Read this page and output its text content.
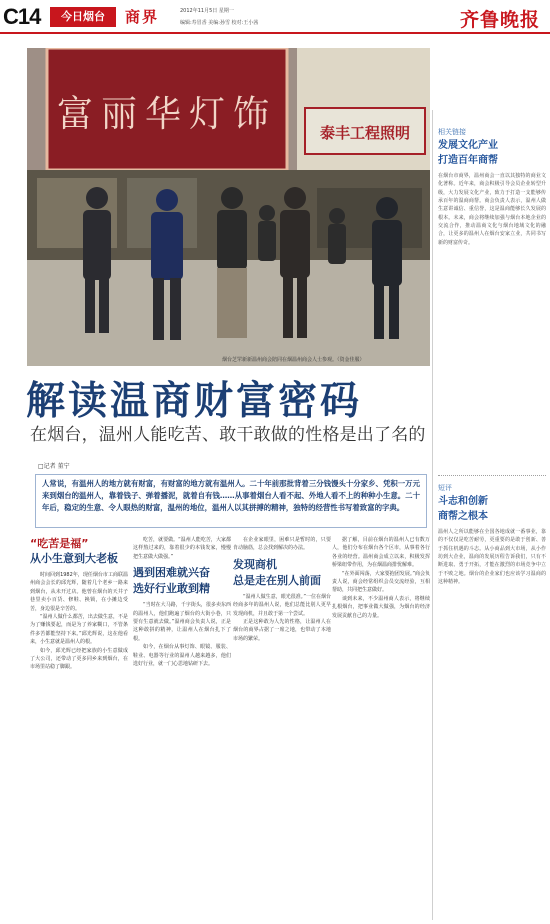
C14	今日烟台	商界	2012年11月5日 星期一
编辑:寿冒香 美编:孙雪 校对:王小茜	齐鲁晚报
富丽华灯饰	泰丰工程照明
烟台芝罘新新温州商会陪同在烟温州商会人士参观。（资金佳服）
解读温商财富密码
在烟台，温州人能吃苦、敢干敢做的性格是出了名的
□记者 董宁
人常说，有温州人的地方就有财富，有财富的地方就有温州人。二十年前那批背着三分钱馒头十分家乡、凭积一万元 来到烟台的温州人，靠着钱子、弹着播泥，就着自有钱……从事着烟台人看不起、外地人看不上的种种小生意。二十年后，稳定的生意、令人眼热的财富，温州的地位，温州人以其拼搏的精神，独特的经营性书写着致富的字典。
“吃苦是福”
从小生意到大老板

时间回到1982年，现任烟台市工商联温州商会会长的邱光辉，随着几个老乡一路来到烟台，从未开过店。他曾在烟台的天井子巷里卖小百货、修鞋、换锁，在小摊边受苦，身边很是辛苦的。

“温州人做什么都苦，出去做生意，不是为了赚钱要起，而是为了养家糊口，不管条件多苦都能坚持下来。”邱光辉说，这在他看来，小生意就是温州人的根。

如今，邱光辉已经把家族的小生意做成了大公司，还带动了更多同乡来到烟台，在市场里站稳了脚跟。

吃苦，就要做。“温州人能吃苦，大家都这样熬过来的，靠着很少的本钱发家，慢慢把生意做大做强。”

遇到困难就兴奋
选好行业敢到精

“当时在大马路，千字街头，很多卖东西的温州人，他们跑遍了烟台的大街小巷，只要有生意就去做。”温州商会负责人说，正是这种敢拼的精神，让温州人在烟台扎下了根。

如今，在烟台从事灯饰、眼镜、服装、鞋业、电器等行业的温州人越来越多，他们选好行业，就一门心思地钻研下去。

在企业家眼里，困难只是暂时的，只要肯动脑筋，总会找到解决的办法。

发现商机
总是走在别人前面

“温州人做生意，眼光很准。”一位在烟台经商多年的温州人说，他们总能比别人更早发现商机，并且敢于第一个尝试。

正是这种敢为人先的性格，让温州人在烟台的商界占据了一席之地，也带动了本地市场的繁荣。

据了解，目前在烟台的温州人已有数万人，他们分布在烟台各个区市，从事着各行各业的经营。温州商会成立以来，积极发挥桥梁纽带作用，为在烟温商排忧解难。

“在外面闯荡，大家要抱团发展。”商会负责人说，商会经常组织会员交流经验，互相帮助，共同把生意做好。

谈到未来，不少温州商人表示，将继续扎根烟台，把事业做大做强，为烟台的经济发展贡献自己的力量。

相关链接
发展文化产业
打造百年商帮
在烟台市商界，温州商会一直以其独特的商业文化著称。近年来，商会积极引导会员企业转型升级，大力发展文化产业，致力于打造一支能够传承百年的温商商帮。商会负责人表示，温州人做生意讲诚信、重信誉，这是温商能够长久发展的根本。未来，商会将继续加强与烟台本地企业的交流合作，推动温商文化与烟台地域文化的融合，让更多的温州人在烟台安家立业，共同书写新的财富传奇。
短评
斗志和创新
商帮之根本
温州人之所以能够在全国各地成就一番事业，靠的不仅仅是吃苦耐劳，更重要的是敢于创新、善于抓住机遇的斗志。从小商品到大市场，从小作坊到大企业，温商的发展历程告诉我们，只有不断进取、勇于开拓，才能在激烈的市场竞争中立于不败之地。烟台的企业家们也应该学习温商的这种精神。
